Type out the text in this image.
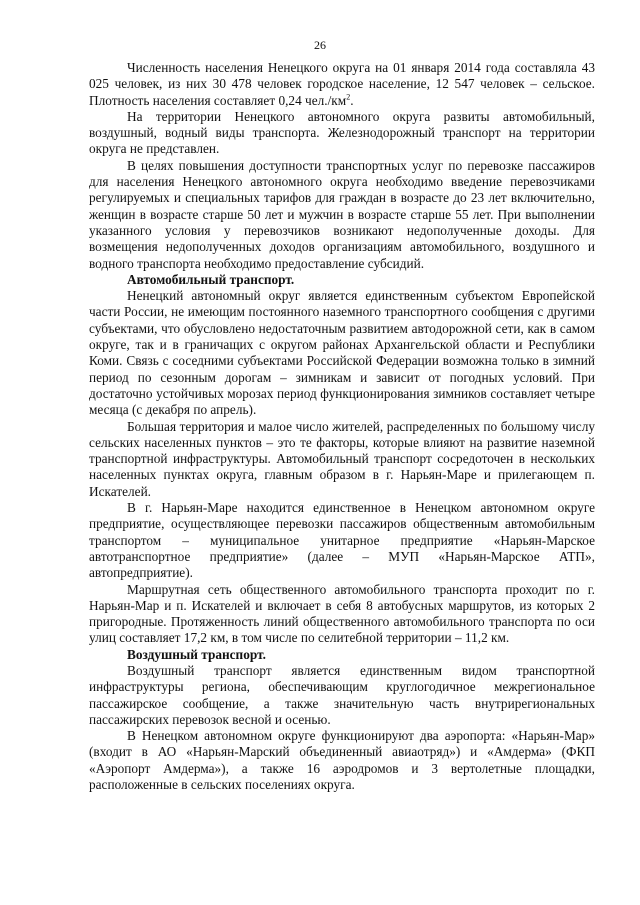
26

Численность населения Ненецкого округа на 01 января 2014 года составляла 43 025 человек, из них 30 478 человек городское население, 12 547 человек – сельское. Плотность населения составляет 0,24 $чел./км^2$.

На территории Ненецкого автономного округа развиты автомобильный, воздушный, водный виды транспорта. Железнодорожный транспорт на территории округа не представлен.

В целях повышения доступности транспортных услуг по перевозке пассажиров для населения Ненецкого автономного округа необходимо введение перевозчиками регулируемых и специальных тарифов для граждан в возрасте до 23 лет включительно, женщин в возрасте старше 50 лет и мужчин в возрасте старше 55 лет. При выполнении указанного условия у перевозчиков возникают недополученные доходы. Для возмещения недополученных доходов организациям автомобильного, воздушного и водного транспорта необходимо предоставление субсидий.

Автомобильный транспорт.

Ненецкий автономный округ является единственным субъектом Европейской части России, не имеющим постоянного наземного транспортного сообщения с другими субъектами, что обусловлено недостаточным развитием автодорожной сети, как в самом округе, так и в граничащих с округом районах Архангельской области и Республики Коми. Связь с соседними субъектами Российской Федерации возможна только в зимний период по сезонным дорогам – зимникам и зависит от погодных условий. При достаточно устойчивых морозах период функционирования зимников составляет четыре месяца (с декабря по апрель).

Большая территория и малое число жителей, распределенных по большому числу сельских населенных пунктов – это те факторы, которые влияют на развитие наземной транспортной инфраструктуры. Автомобильный транспорт сосредоточен в нескольких населенных пунктах округа, главным образом в г. Нарьян-Маре и прилегающем п. Искателей.

В г. Нарьян-Маре находится единственное в Ненецком автономном округе предприятие, осуществляющее перевозки пассажиров общественным автомобильным транспортом – муниципальное унитарное предприятие «Нарьян-Марское автотранспортное предприятие» (далее – МУП «Нарьян-Марское АТП», автопредприятие).

Маршрутная сеть общественного автомобильного транспорта проходит по г. Нарьян-Мар и п. Искателей и включает в себя 8 автобусных маршрутов, из которых 2 пригородные. Протяженность линий общественного автомобильного транспорта по оси улиц составляет 17,2 км, в том числе по селитебной территории – 11,2 км.

Воздушный транспорт.

Воздушный транспорт является единственным видом транспортной инфраструктуры региона, обеспечивающим круглогодичное межрегиональное пассажирское сообщение, а также значительную часть внутрирегиональных пассажирских перевозок весной и осенью.

В Ненецком автономном округе функционируют два аэропорта: «Нарьян-Мар» (входит в АО «Нарьян-Марский объединенный авиаотряд») и «Амдерма» (ФКП «Аэропорт Амдерма»), а также 16 аэродромов и 3 вертолетные площадки, расположенные в сельских поселениях округа.
